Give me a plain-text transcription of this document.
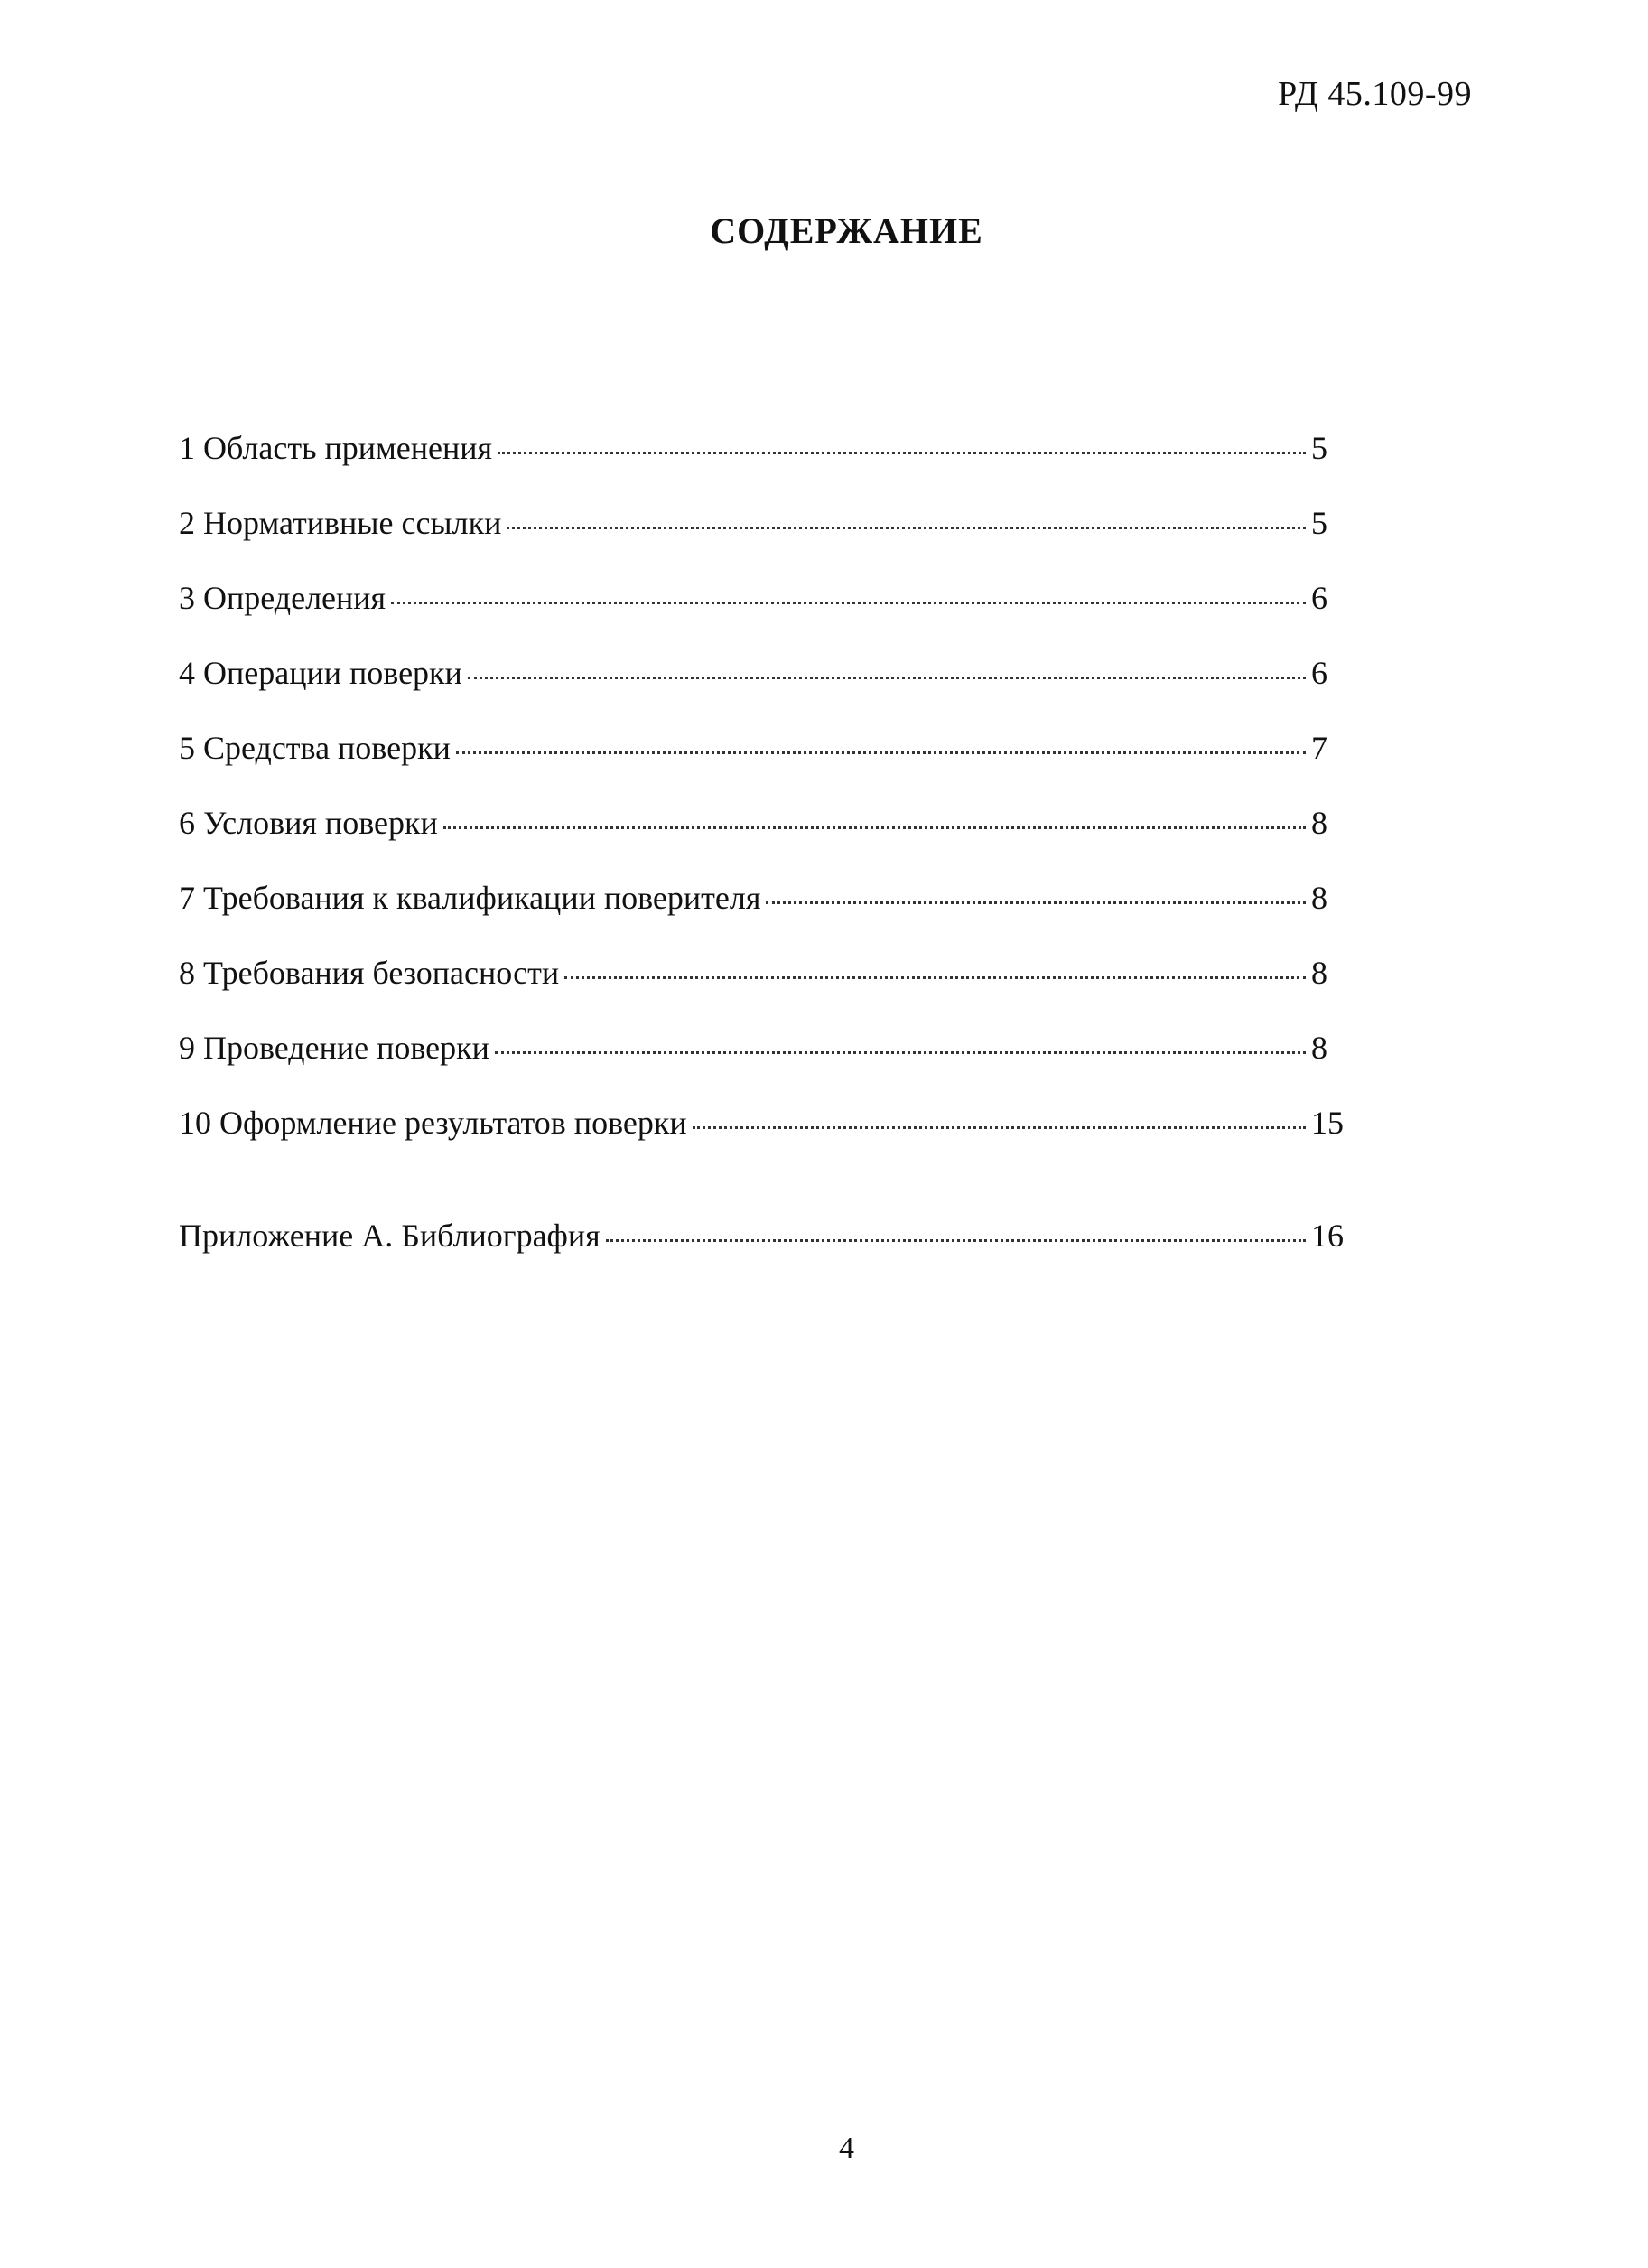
РД 45.109-99
СОДЕРЖАНИЕ
1 Область применения	5
2 Нормативные ссылки	5
3 Определения	6
4 Операции поверки	6
5 Средства поверки	7
6 Условия поверки	8
7 Требования к квалификации поверителя	8
8 Требования безопасности	8
9 Проведение поверки	8
10 Оформление результатов поверки	15
Приложение А. Библиография	16
4
